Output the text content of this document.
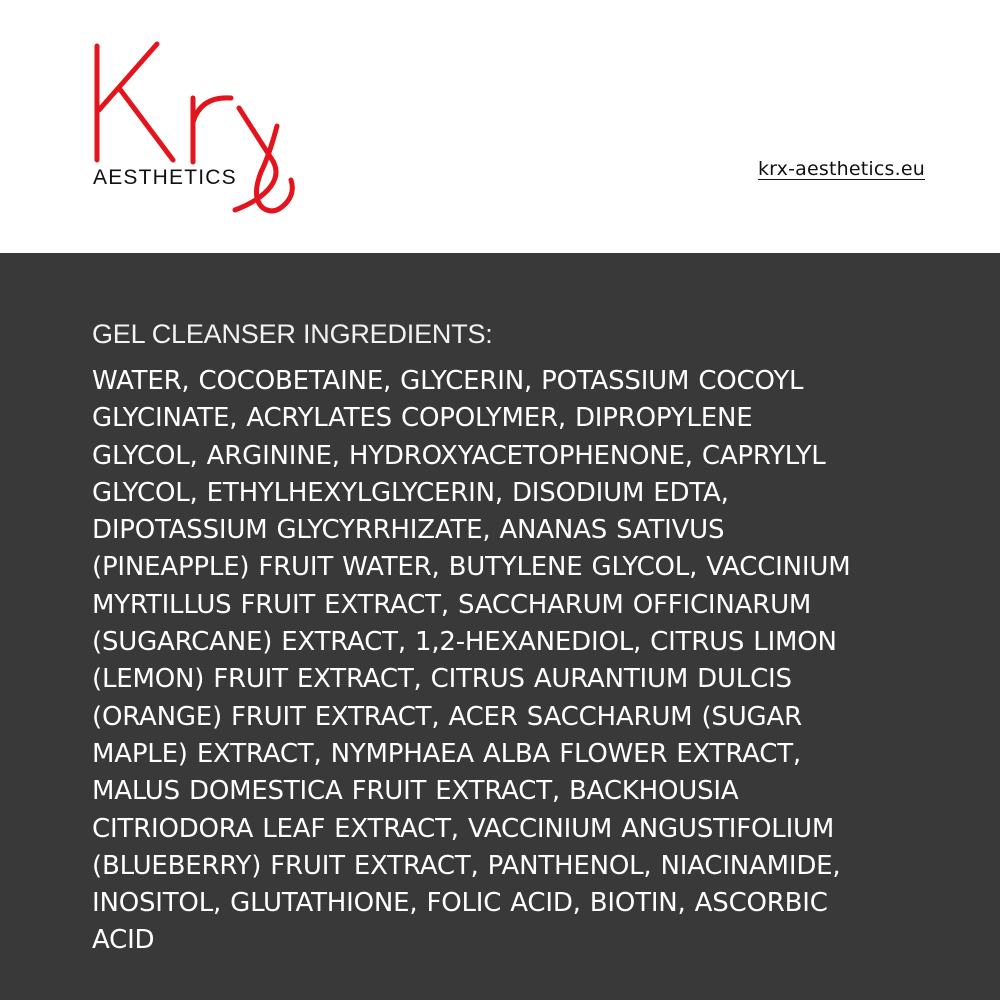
AESTHETICS	krx-aesthetics.eu
GEL CLEANSER INGREDIENTS:

WATER, COCOBETAINE, GLYCERIN, POTASSIUM COCOYL
GLYCINATE, ACRYLATES COPOLYMER, DIPROPYLENE
GLYCOL, ARGININE, HYDROXYACETOPHENONE, CAPRYLYL
GLYCOL, ETHYLHEXYLGLYCERIN, DISODIUM EDTA,
DIPOTASSIUM GLYCYRRHIZATE, ANANAS SATIVUS
(PINEAPPLE) FRUIT WATER, BUTYLENE GLYCOL, VACCINIUM
MYRTILLUS FRUIT EXTRACT, SACCHARUM OFFICINARUM
(SUGARCANE) EXTRACT, 1,2-HEXANEDIOL, CITRUS LIMON
(LEMON) FRUIT EXTRACT, CITRUS AURANTIUM DULCIS
(ORANGE) FRUIT EXTRACT, ACER SACCHARUM (SUGAR
MAPLE) EXTRACT, NYMPHAEA ALBA FLOWER EXTRACT,
MALUS DOMESTICA FRUIT EXTRACT, BACKHOUSIA
CITRIODORA LEAF EXTRACT, VACCINIUM ANGUSTIFOLIUM
(BLUEBERRY) FRUIT EXTRACT, PANTHENOL, NIACINAMIDE,
INOSITOL, GLUTATHIONE, FOLIC ACID, BIOTIN, ASCORBIC
ACID
